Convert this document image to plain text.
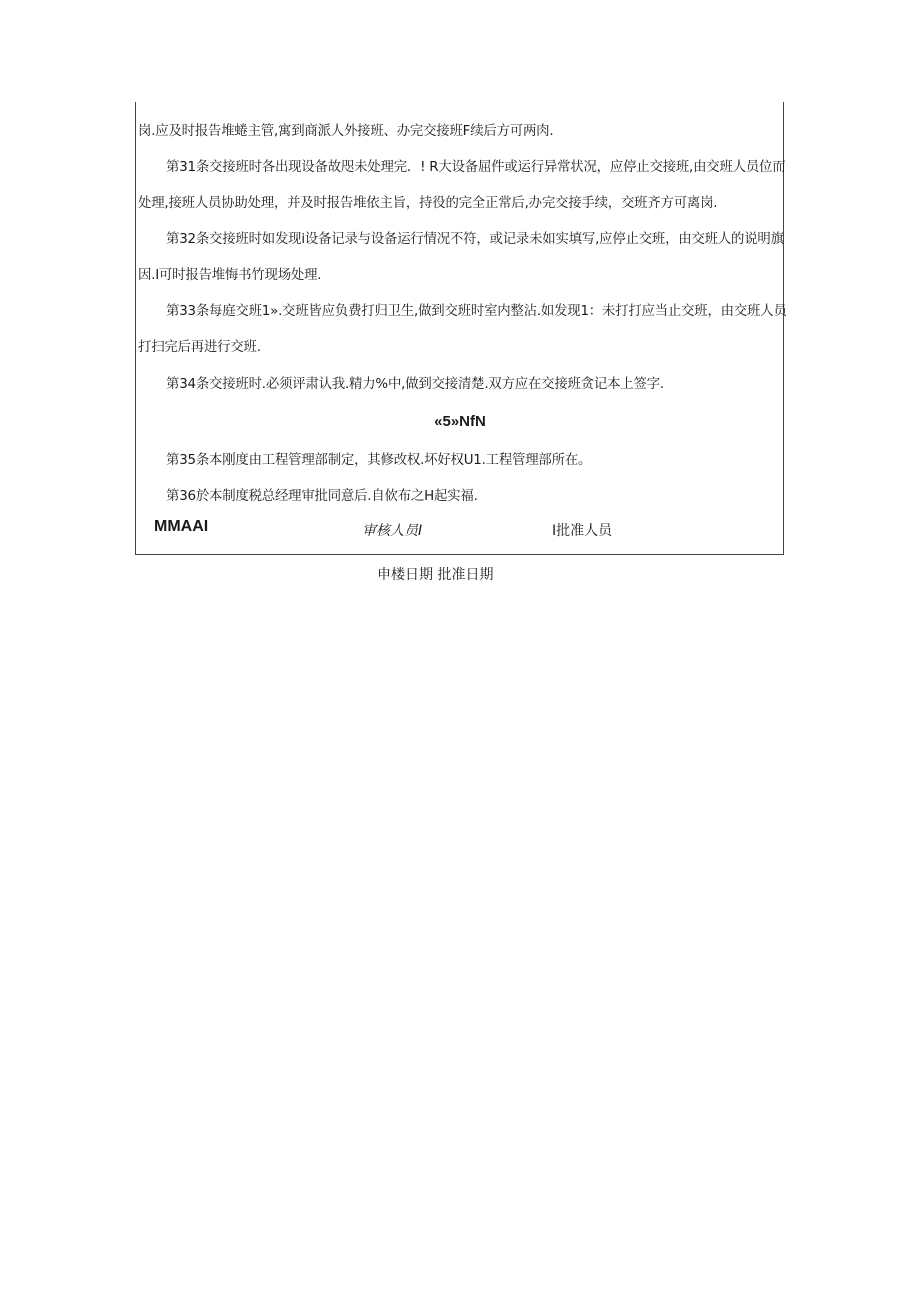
岗.应及时报告堆蜷主管,寓到商派人外接班、办完交接班F续后方可两肉.
第31条交接班时各出现设备故咫未处理完．! R大设备屈件或运行异常状况，应停止交接班,由交班人员位而
处理,接班人员协助处理，并及时报告堆依主旨，持役的完全正常后,办完交接手续，交班齐方可离岗.
第32条交接班时如发现i设备记录与设备运行情况不符，或记录未如实填写,应停止交班，由交班人的说明旗
因.I可时报告堆悔书竹现场处理.
第33条每庭交班1».交班皆应负费打归卫生,做到交班时室内整沾.如发现1：未打打应当止交班，由交班人员
打扫完后再进行交班.
第34条交接班时.必须评肃认我.精力%中,做到交接清楚.双方应在交接班贪记本上签字.
«5»NfN
第35条本刚度由工程管理部制定，其修改权.坏好权U1.工程管理部所在。
第36於本制度税总经理审批同意后.自佽布之H起实福.
MMAAI	审核人员I	I批准人员
申楼日期 批准日期
